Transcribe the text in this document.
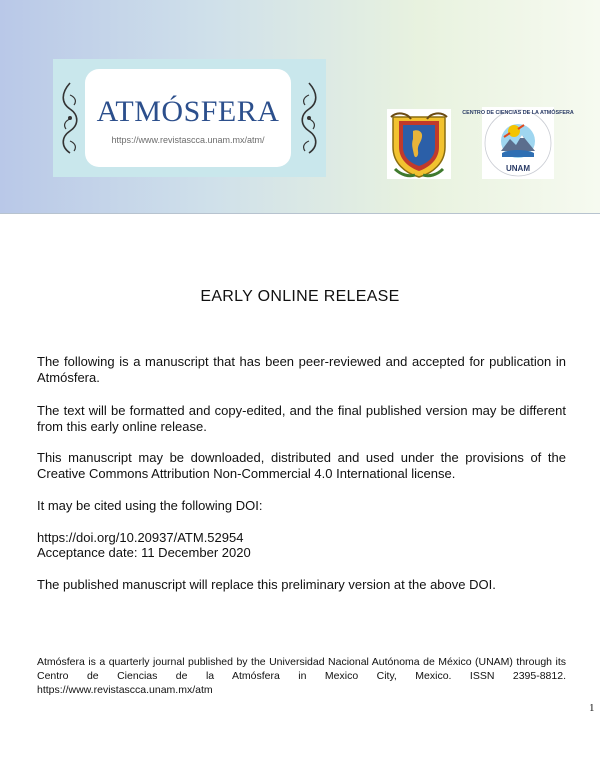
ATMÓSFERA
https://www.revistascca.unam.mx/atm/
CENTRO DE CIENCIAS DE LA ATMÓSFERA
UNAM
EARLY ONLINE RELEASE

The following is a manuscript that has been peer-reviewed and accepted for publication in Atmósfera.

The text will be formatted and copy-edited, and the final published version may be different from this early online release.

This manuscript may be downloaded, distributed and used under the provisions of the Creative Commons Attribution Non-Commercial 4.0 International license.

It may be cited using the following DOI:

https://doi.org/10.20937/ATM.52954

Acceptance date: 11 December 2020

The published manuscript will replace this preliminary version at the above DOI.

Atmósfera is a quarterly journal published by the Universidad Nacional Autónoma de México (UNAM) through its Centro de Ciencias de la Atmósfera in Mexico City, Mexico. ISSN 2395-8812. https://www.revistascca.unam.mx/atm

1
